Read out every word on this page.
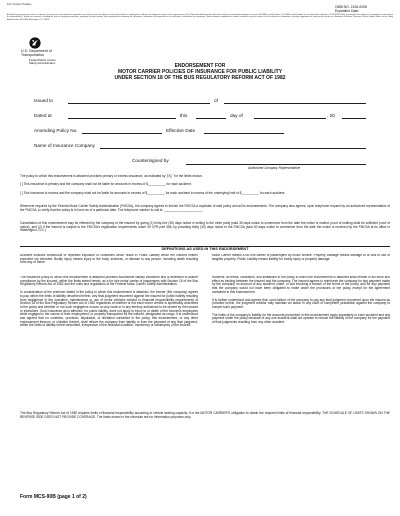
Form Number Heading
OMB NO. 2126-0008
Expiration Date:
A Federal agency may not conduct or sponsor, and a person is not required to respond to, nor shall a person be subject to a penalty for failure to comply with a collection of information subject to the requirements of the Paperwork Reduction Act unless that collection of information displays a current valid OMB Control Number. The OMB Control Number for this information collection is 2126-0008. Public reporting for this collection of information is estimated to be approximately 1 minute per response, including the time for reviewing instructions, gathering the data needed, and completing and reviewing the collection of information. All responses to this collection of information are mandatory. Send comments regarding this burden estimate or any other aspect of this collection of information, including suggestions for reducing this burden to: Information Collection Clearance Officer, Federal Motor Carrier Safety Administration, MC-RRA, Washington, D.C. 20590.
U.S. Department of Transportation
Federal Motor Carrier Safety Administration	ENDORSEMENT FOR
MOTOR CARRIER POLICIES OF INSURANCE FOR PUBLIC LIABILITY
UNDER SECTION 18 OF THE BUS REGULATORY REFORM ACT OF 1982
Issued to	of
Dated at	this	day of	, 20
Amending Policy No.	Effective Date
Name of Insurance Company
Countersigned by
Authorized Company Representative
The policy to which this endorsement is attached provides primary or excess insurance, as indicated by "[X]," for the limits shown:
[ ] This insurance is primary and the company shall not be liable for amounts in excess of $__________ for each accident.
[ ] This insurance is excess and the company shall not be liable for amounts in excess of $__________ for each accident in excess of the underlying limit of $__________ for each accident.
Whenever required by the Federal Motor Carrier Safety Administration (FMCSA), the company agrees to furnish the FMCSA a duplicate of said policy and all its endorsements. The company also agrees, upon telephone request by an authorized representative of the FMCSA, to verify that the policy is in force as of a particular date. The telephone number to call is: ______________________
Cancellation of this endorsement may be effected by the company or the insured by giving (1) thirty-five (35) days notice in writing to the other party (said 35 days notice to commence from the date the notice is mailed, proof of mailing shall be sufficient proof of notice), and (2) if the insured is subject to the FMCSA's registration requirements under 49 CFR part 365, by providing thirty (30) days notice to the FMCSA (said 30 days notice to commence from the date the notice is received by the FMCSA at its office in Washington, D.C.).
DEFINITIONS AS USED IN THIS ENDORSEMENT
Accident includes continuous or repeated exposure to conditions which result in Public Liability which the insured neither expected nor intended. Bodily Injury means injury to the body, sickness, or disease to any person, including death resulting from any of these.
Motor Carrier means a for-hire carrier of passengers by motor vehicle. Property Damage means damage to or loss of use of tangible property. Public Liability means liability for bodily injury or property damage.

The insurance policy to which this endorsement is attached provides automobile liability insurance and is amended to assure compliance by the insured, within the limits stated herein, as a for-hire motor carrier of passengers with Section 18 of the Bus Regulatory Reform Act of 1982 and the rules and regulations of the Federal Motor Carrier Safety Administration.

In consideration of the premium stated in the policy to which this endorsement is attached, the insurer (the company) agrees to pay, within the limits of liability described herein, any final judgment recovered against the insured for public liability resulting from negligence in the operation, maintenance or use of motor vehicles subject to financial responsibility requirements of Section 18 of the Bus Regulatory Reform Act of 1982 regardless of whether or not each motor vehicle is specifically described in the policy and whether or not such negligence occurs on any route or in any territory authorized to be served by the insured or elsewhere. Such insurance as is afforded, for public liability, does not apply to injury to or death of the insured's employees while engaged in the course of their employment, or property transported by the insured, designated as cargo. It is understood and agreed that no condition, provision, stipulation, or limitation contained in the policy, this endorsement, or any other endorsement thereon, or violation thereof, shall relieve the company from liability or from the payment of any final judgment, within the limits of liability herein described, irrespective of the financial condition, insolvency or bankruptcy of the insured.

However, all terms, conditions, and limitations in the policy to which the endorsement is attached shall remain in full force and effect as binding between the insured and the company. The insured agrees to reimburse the company for any payment made by the company on account of any accident, claim, or suit involving a breach of the terms of the policy, and for any payment that the company would not have been obligated to make under the provisions of the policy except for the agreement contained in this endorsement.

It is further understood and agreed that, upon failure of the company to pay any final judgment recovered upon the insured as provided herein, the judgment creditor may maintain an action in any court of competent jurisdiction against the company to compel such payment.

The limits of the company's liability for the amounts prescribed in this endorsement apply separately to each accident and any payment under the policy because of any one accident shall not operate to reduce the liability of the company for the payment of final judgments resulting from any other accident.

The Bus Regulatory Reform Act of 1982 requires limits of financial responsibility according to vehicle seating capacity. It is the MOTOR CARRIER'S obligation to obtain the required limits of financial responsibility. THE SCHEDULE OF LIMITS SHOWN ON THE REVERSE SIDE DOES NOT PROVIDE COVERAGE. The limits shown in the schedule are for information purposes only.
Form MCS-90B (page 1 of 2)
